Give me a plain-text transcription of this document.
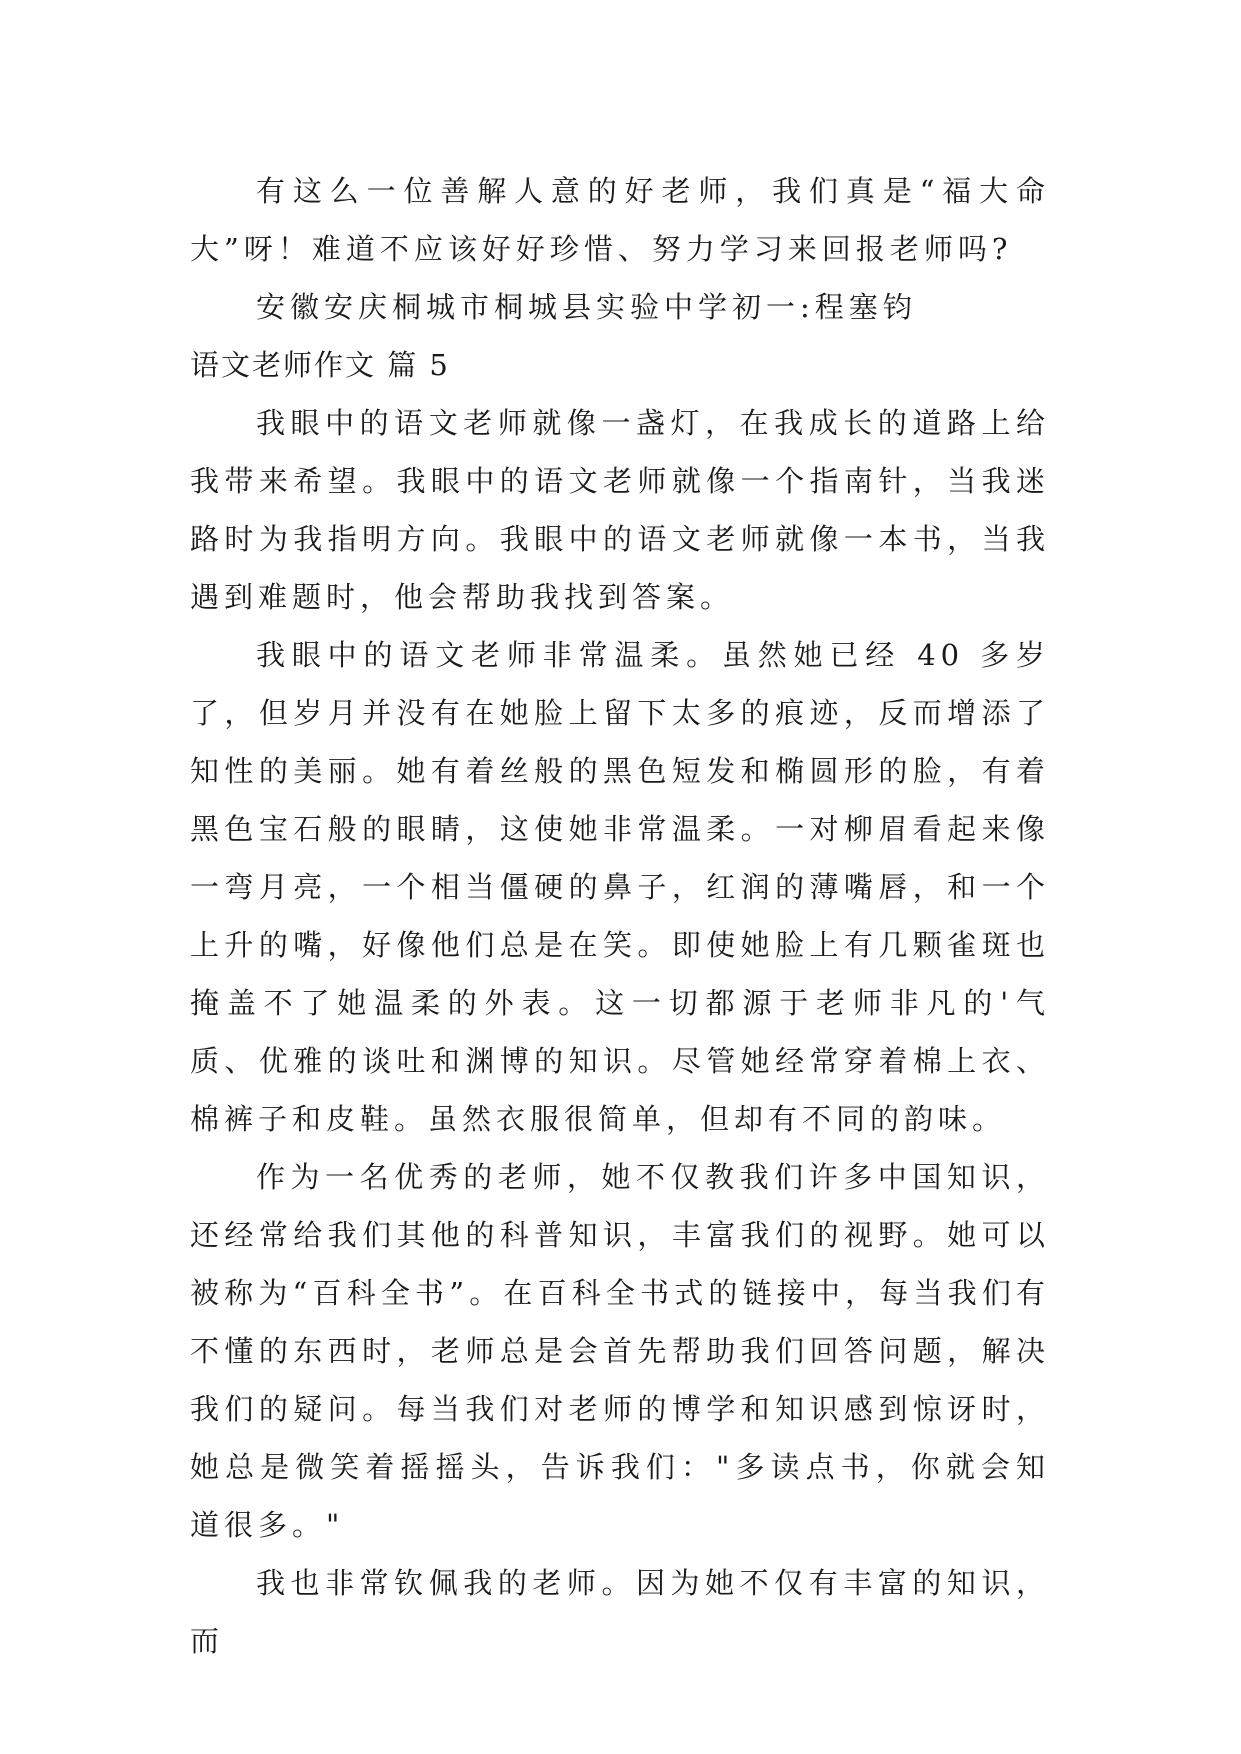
有这么一位善解人意的好老师，我们真是“福大命大”呀！难道不应该好好珍惜、努力学习来回报老师吗?

安徽安庆桐城市桐城县实验中学初一:程塞钧

语文老师作文 篇 5

我眼中的语文老师就像一盏灯，在我成长的道路上给我带来希望。我眼中的语文老师就像一个指南针，当我迷路时为我指明方向。我眼中的语文老师就像一本书，当我遇到难题时，他会帮助我找到答案。

我眼中的语文老师非常温柔。虽然她已经 40 多岁了，但岁月并没有在她脸上留下太多的痕迹，反而增添了知性的美丽。她有着丝般的黑色短发和椭圆形的脸，有着黑色宝石般的眼睛，这使她非常温柔。一对柳眉看起来像一弯月亮，一个相当僵硬的鼻子，红润的薄嘴唇，和一个上升的嘴，好像他们总是在笑。即使她脸上有几颗雀斑也掩盖不了她温柔的外表。这一切都源于老师非凡的'气质、优雅的谈吐和渊博的知识。尽管她经常穿着棉上衣、棉裤子和皮鞋。虽然衣服很简单，但却有不同的韵味。

作为一名优秀的老师，她不仅教我们许多中国知识，还经常给我们其他的科普知识，丰富我们的视野。她可以被称为“百科全书”。在百科全书式的链接中，每当我们有不懂的东西时，老师总是会首先帮助我们回答问题，解决我们的疑问。每当我们对老师的博学和知识感到惊讶时，她总是微笑着摇摇头，告诉我们："多读点书，你就会知道很多。"

我也非常钦佩我的老师。因为她不仅有丰富的知识，而
